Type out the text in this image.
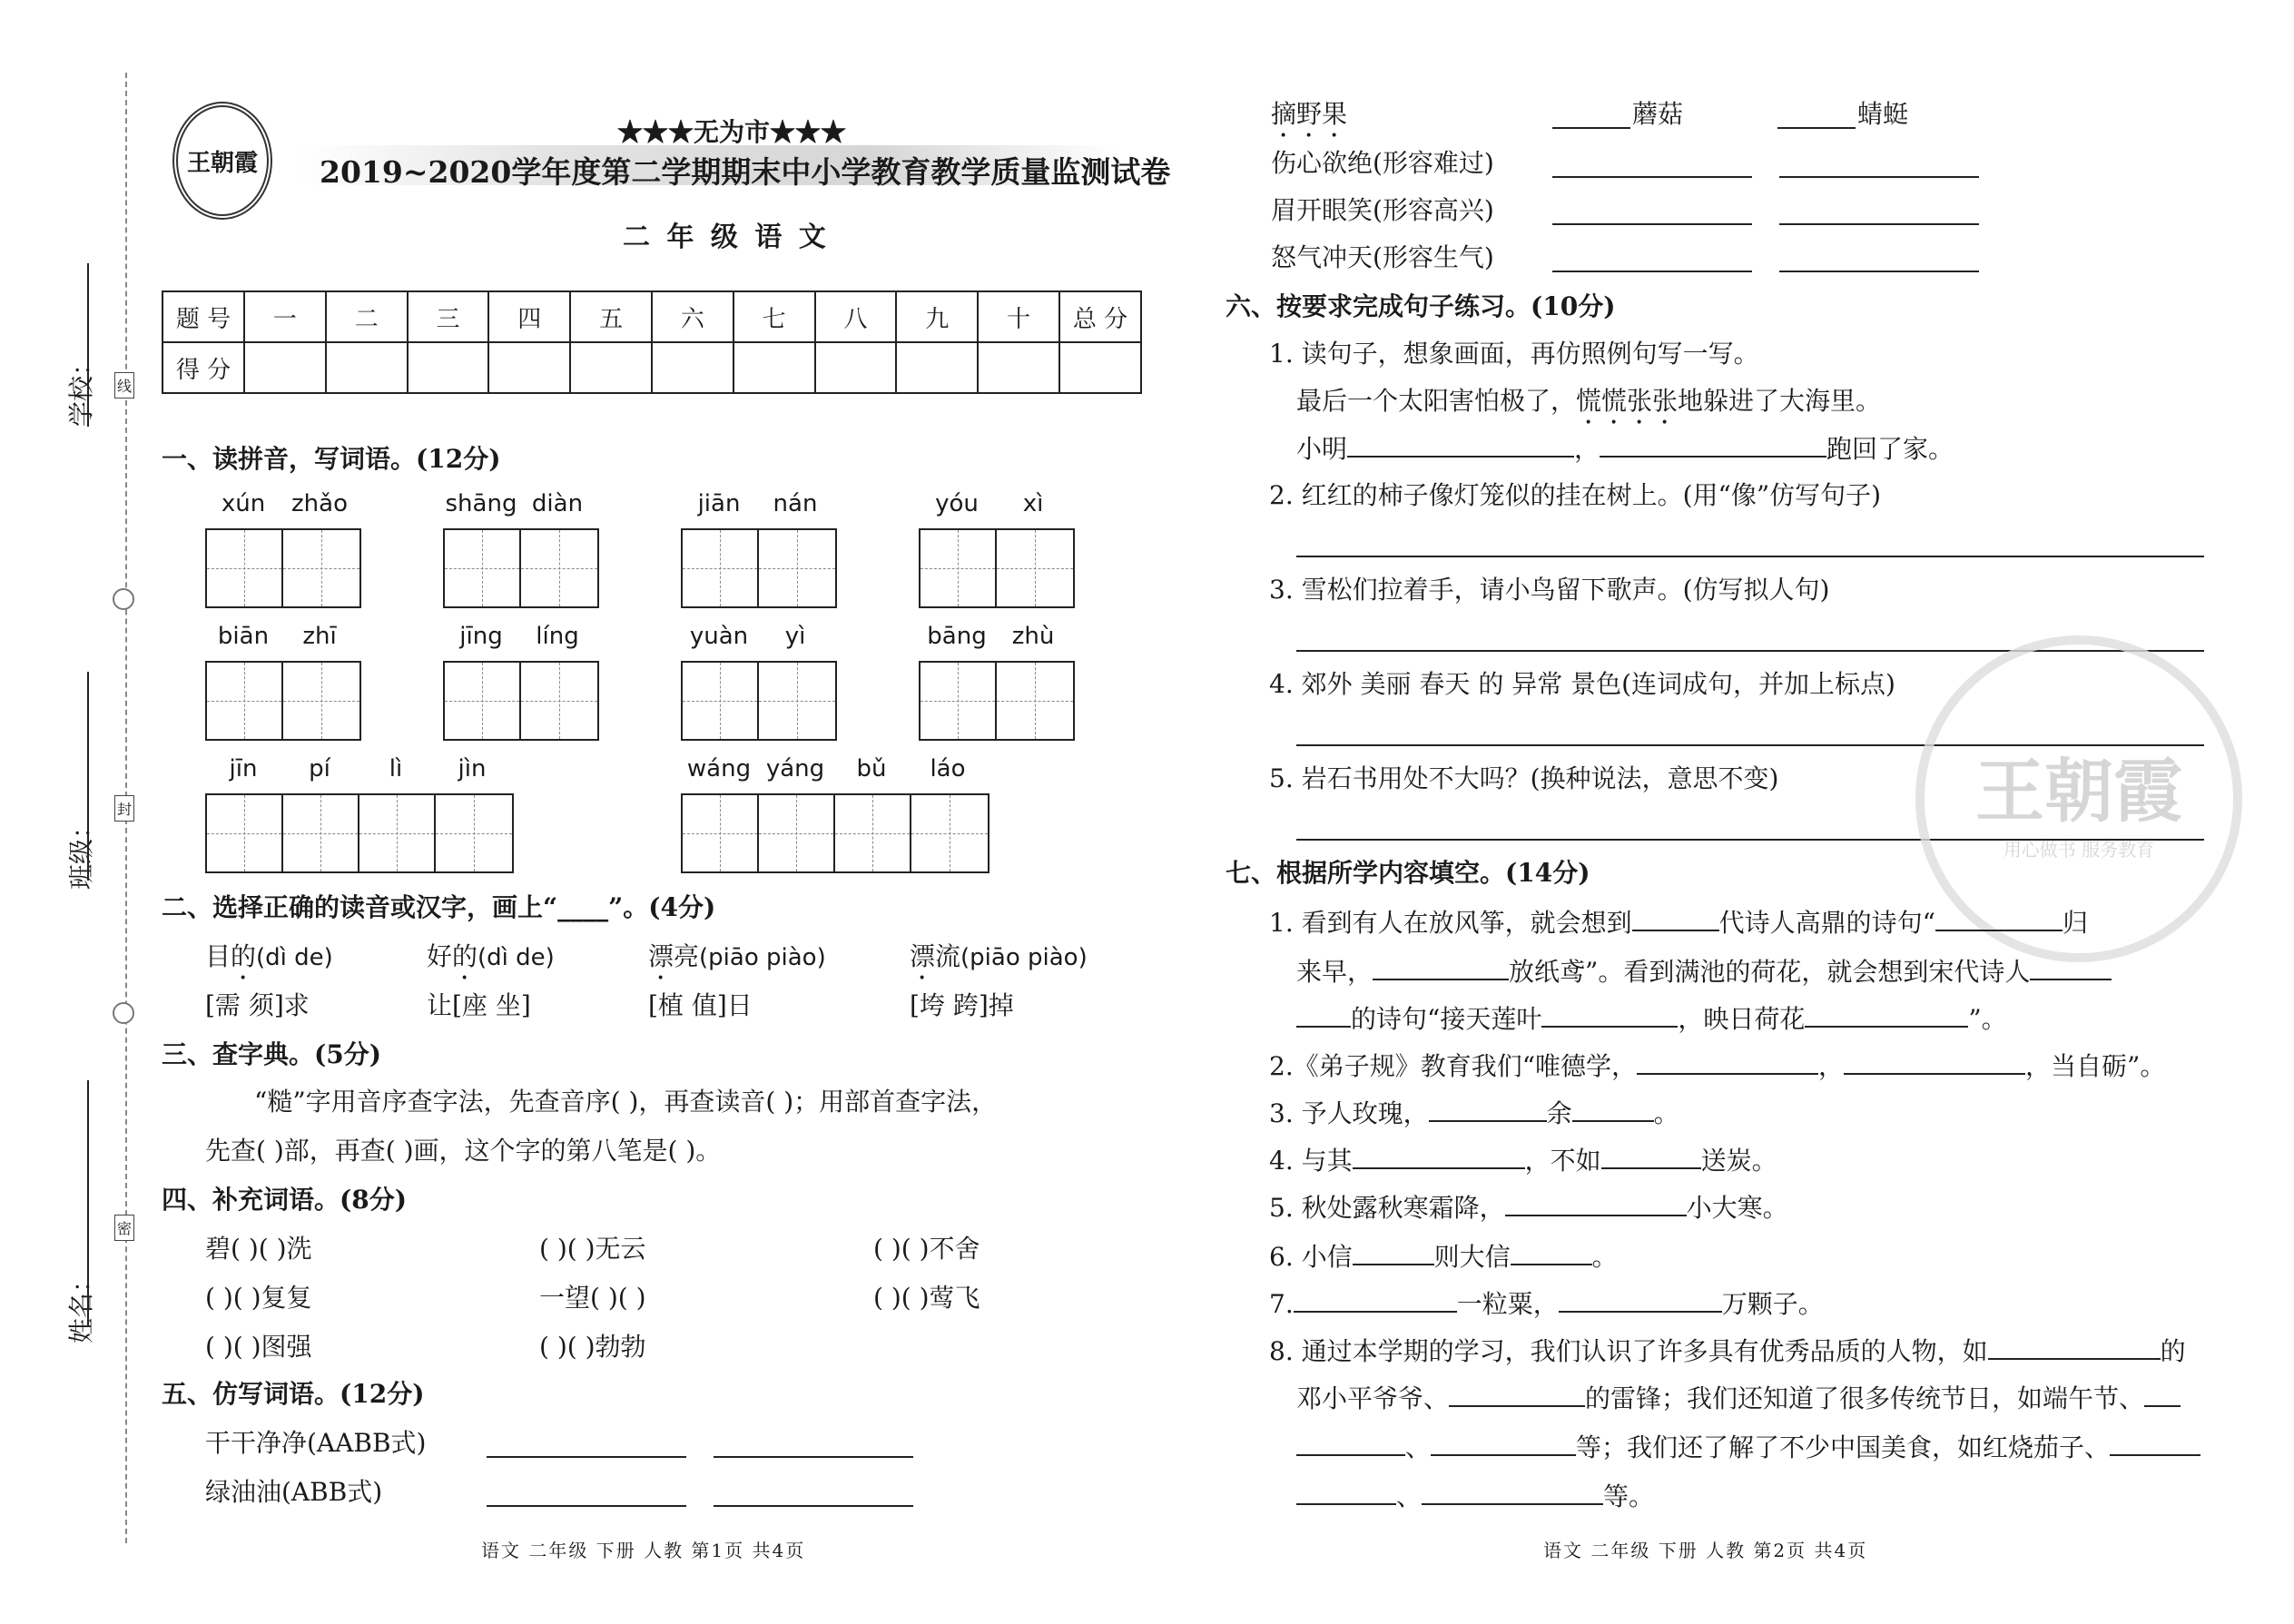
学校：
班级：
姓名：
线
封
密
王朝霞
★★★无为市★★★
2019~2020学年度第二学期期末中小学教育教学质量监测试卷
二 年 级 语 文
题 号	一	二	三	四	五	六	七	八	九	十	总 分
得 分											
一、读拼音，写词语。(12分)
xún	zhǎo	shāng diàn	jiān	nán	yóu	xì
biān	zhī	jīng	líng	yuàn	yì	bāng	zhù
jīn	pí	lì	jìn	wáng yáng	bǔ	láo
二、选择正确的读音或汉字，画上“____”。(4分)
目的(dì de)	好的(dì de)	漂亮(piāo piào)	漂流(piāo piào)
[需 须]求	让[座 坐]	[植 值]日	[垮 跨]掉
三、查字典。(5分)
“糙”字用音序查字法，先查音序( )，再查读音( )；用部首查字法，
先查( )部，再查( )画，这个字的第八笔是( )。
四、补充词语。(8分)
碧( )( )洗	( )( )无云	( )( )不舍
( )( )复复	一望( )( )	( )( )莺飞
( )( )图强	( )( )勃勃
五、仿写词语。(12分)
干干净净(AABB式)
绿油油(ABB式)
语文 二年级 下册 人教 第1页 共4页
摘野果	蘑菇	蜻蜓
伤心欲绝(形容难过)
眉开眼笑(形容高兴)
怒气冲天(形容生气)
六、按要求完成句子练习。(10分)
1. 读句子，想象画面，再仿照例句写一写。
最后一个太阳害怕极了，慌慌张张地躲进了大海里。
小明	，	跑回了家。
2. 红红的柿子像灯笼似的挂在树上。(用“像”仿写句子)
3. 雪松们拉着手，请小鸟留下歌声。(仿写拟人句)
4. 郊外 美丽 春天 的 异常 景色(连词成句，并加上标点)
5. 岩石书用处不大吗？(换种说法，意思不变)	王朝霞
用心做书 服务教育
七、根据所学内容填空。(14分)
1. 看到有人在放风筝，就会想到	代诗人高鼎的诗句“	归
来早，	放纸鸢”。看到满池的荷花，就会想到宋代诗人
的诗句“接天莲叶	，映日荷花	”。
2.《弟子规》教育我们“唯德学，	，	，当自砺”。
3. 予人玫瑰，	余	。
4. 与其	，不如	送炭。
5. 秋处露秋寒霜降，	小大寒。
6. 小信	则大信	。
7.	一粒粟，	万颗子。
8. 通过本学期的学习，我们认识了许多具有优秀品质的人物，如	的
邓小平爷爷、	的雷锋；我们还知道了很多传统节日，如端午节、
、	等；我们还了解了不少中国美食，如红烧茄子、
、	等。
语文 二年级 下册 人教 第2页 共4页
